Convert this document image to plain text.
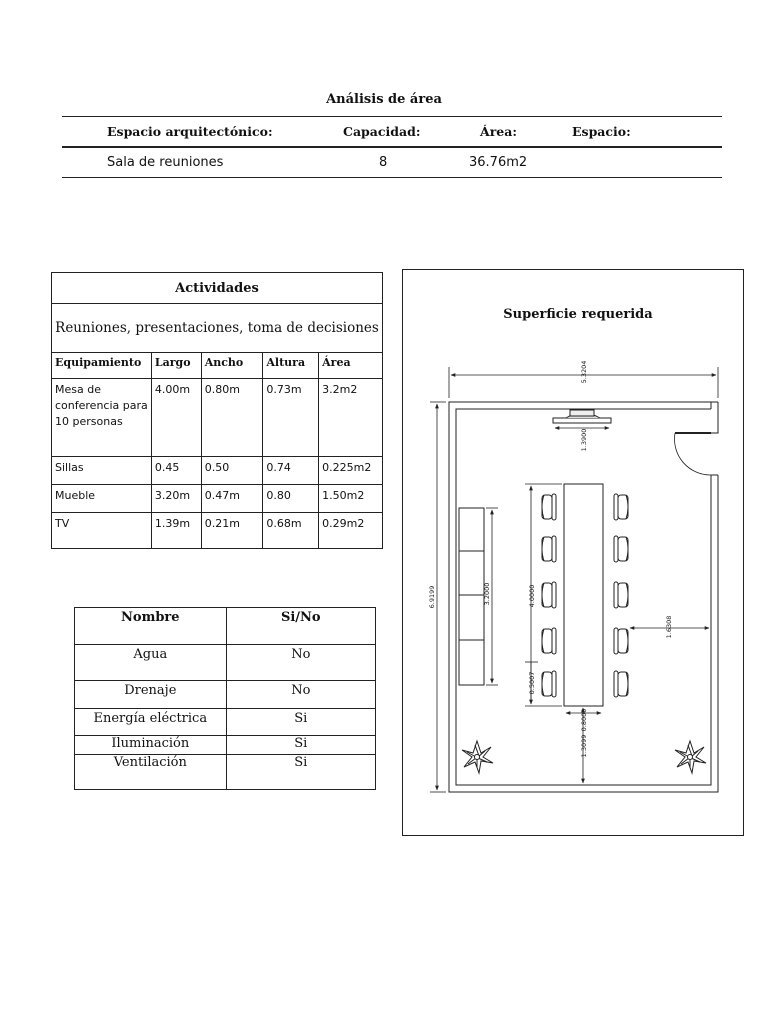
Análisis de área
Espacio arquitectónico:	Capacidad:	Área:	Espacio:
Sala de reuniones	8	36.76m2
Actividades				
Reuniones, presentaciones, toma de decisiones				
Equipamiento	Largo	Ancho	Altura	Área
Mesa de conferencia para 10 personas	4.00m	0.80m	0.73m	3.2m2
Sillas	0.45	0.50	0.74	0.225m2
Mueble	3.20m	0.47m	0.80	1.50m2
TV	1.39m	0.21m	0.68m	0.29m2
Nombre	Si/No
Agua	No
Drenaje	No
Energía eléctrica	Si
Iluminación	Si
Ventilación	Si
Superficie requerida
5.3204
6.9199
1.3900
3.2000	4.0000
0.5007
0.8000
1.6308
1.3099
